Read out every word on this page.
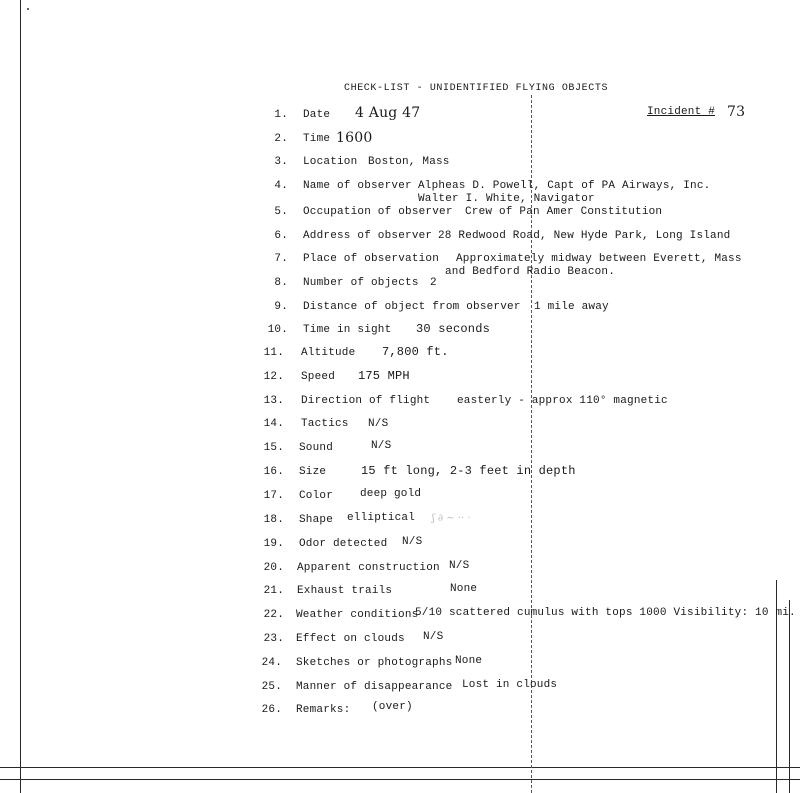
ʃ ∂ ~ ·· ·
CHECK-LIST - UNIDENTIFIED FLYING OBJECTS
Incident # 73
1. Date 4 Aug 47
2. Time 1600
3. Location Boston, Mass
4. Name of observer Alpheas D. Powell, Capt of PA Airways, Inc.
Walter I. White, Navigator
5. Occupation of observer Crew of Pan Amer Constitution
6. Address of observer 28 Redwood Road, New Hyde Park, Long Island
7. Place of observation Approximately midway between Everett, Mass
and Bedford Radio Beacon.
8. Number of objects 2
9. Distance of object from observer 1 mile away
10. Time in sight 30 seconds
11. Altitude 7,800 ft.
12. Speed 175 MPH
13. Direction of flight easterly - approx 110° magnetic
14. Tactics N/S
15. Sound	N/S
16. Size	15 ft long, 2-3 feet in depth
17. Color deep gold
18. Shape elliptical
19. Odor detected N/S
20. Apparent construction N/S
21. Exhaust trails	None
22. Weather conditions
5/10 scattered cumulus with tops 1000 Visibility: 10 mi.
23. Effect on clouds N/S
24. Sketches or photographs None
25. Manner of disappearance Lost in clouds
26. Remarks: (over)
